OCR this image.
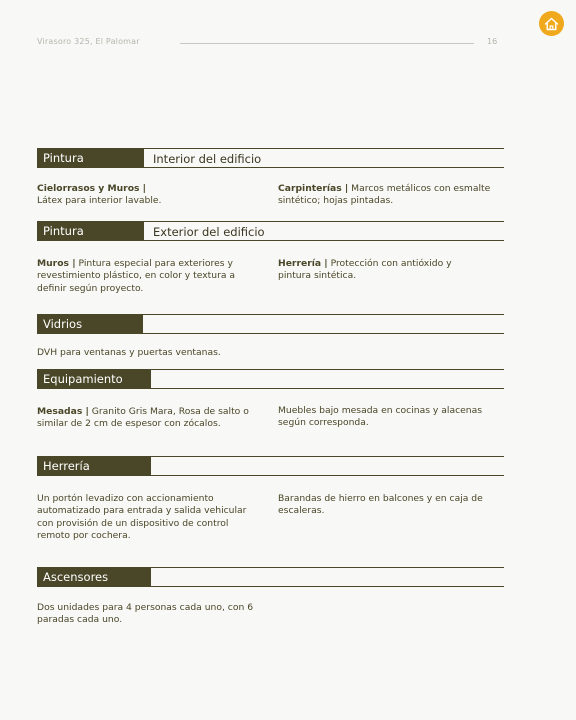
Virasoro 325, El Palomar	16
Pintura	Interior del edificio
Cielorrasos y Muros |
Látex para interior lavable.
Carpinterías | Marcos metálicos con esmalte sintético; hojas pintadas.
Pintura	Exterior del edificio
Muros | Pintura especial para exteriores y revestimiento plástico, en color y textura a definir según proyecto.
Herrería | Protección con antióxido y pintura sintética.
Vidrios
DVH para ventanas y puertas ventanas.
Equipamiento
Mesadas | Granito Gris Mara, Rosa de salto o similar de 2 cm de espesor con zócalos.
Muebles bajo mesada en cocinas y alacenas según corresponda.
Herrería
Un portón levadizo con accionamiento automatizado para entrada y salida vehicular con provisión de un dispositivo de control remoto por cochera.
Barandas de hierro en balcones y en caja de escaleras.
Ascensores
Dos unidades para 4 personas cada uno, con 6 paradas cada uno.
